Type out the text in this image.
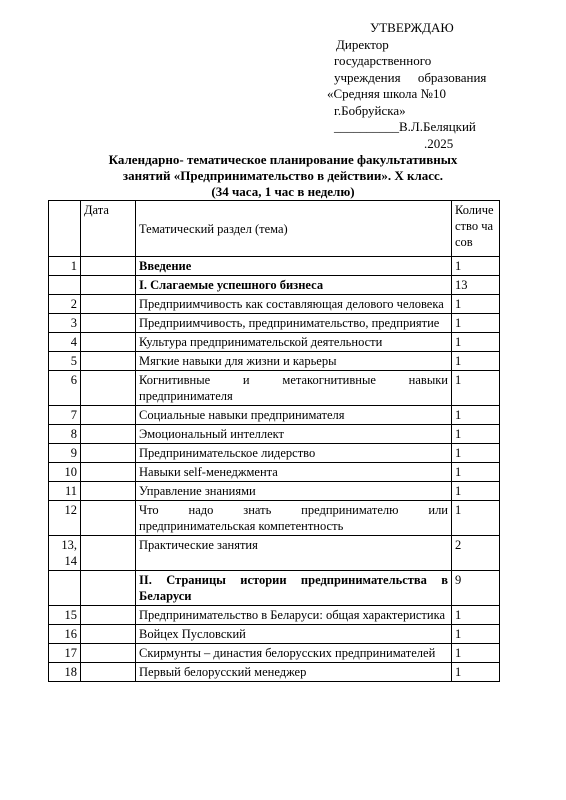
УТВЕРЖДАЮ
Директор
государственного
учреждения образования
«Средняя школа №10
г.Бобруйска»
__________В.Л.Беляцкий
.2025
Календарно- тематическое планирование факультативных
занятий «Предпринимательство в действии». X класс.
(34 часа, 1 час в неделю)
	Дата	Тематический раздел (тема)	Количество часов
1		Введение	1
		I. Слагаемые успешного бизнеса	13
2		Предприимчивость как составляющая делового человека	1
3		Предприимчивость, предпринимательство, предприятие	1
4		Культура предпринимательской деятельности	1
5		Мягкие навыки для жизни и карьеры	1
6		Когнитивные и метакогнитивные навыки предпринимателя	1
7		Социальные навыки предпринимателя	1
8		Эмоциональный интеллект	1
9		Предпринимательское лидерство	1
10		Навыки self-менеджмента	1
11		Управление знаниями	1
12		Что надо знать предпринимателю или предпринимательская компетентность	1
13, 14		Практические занятия	2
		II. Страницы истории предпринимательства в Беларуси	9
15		Предпринимательство в Беларуси: общая характеристика	1
16		Войцех Пусловский	1
17		Скирмунты – династия белорусских предпринимателей	1
18		Первый белорусский менеджер	1
